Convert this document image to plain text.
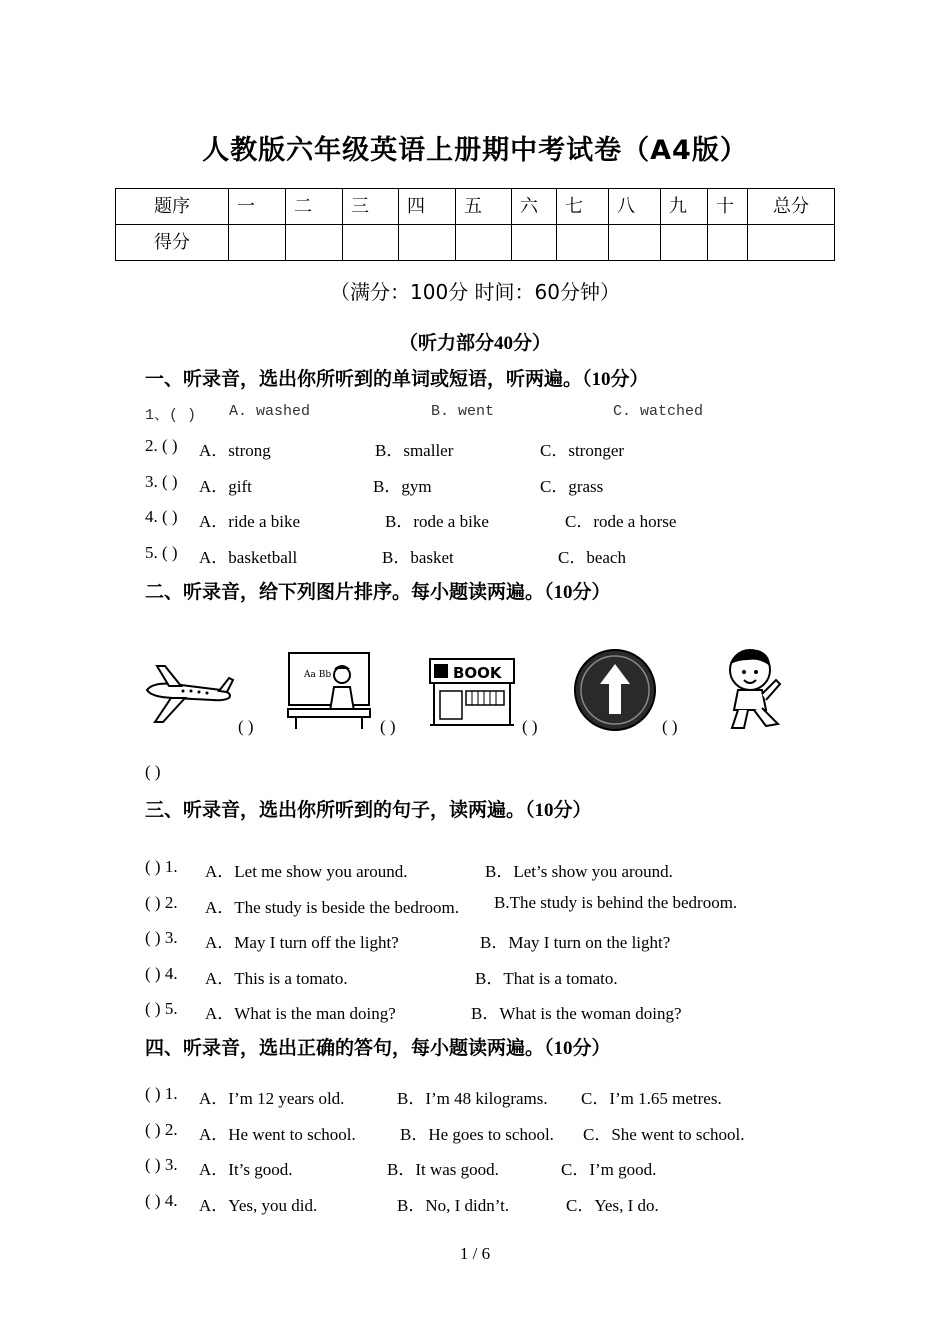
人教版六年级英语上册期中考试卷（A4版）
题序	一	二	三	四	五	六	七	八	九	十	总分
得分											
（满分：100分 时间：60分钟）
（听力部分40分）
一、听录音，选出你所听到的单词或短语，听两遍。（10分）
1、( ) A. washed	B. went	C. watched
2. ( ) A．strong	B．smaller	C．stronger
3. ( ) A．gift	B．gym	C．grass
4. ( ) A．ride a bike	B．rode a bike	C．rode a horse
5. ( ) A．basketball	B．basket	C．beach
二、听录音，给下列图片排序。每小题读两遍。（10分）
( )
Aa Bb
( )
BOOK
( )	( )
( )
三、听录音，选出你所听到的句子，读两遍。（10分）
( ) 1. A．Let me show you around.	B．Let’s show you around.
( ) 2. A．The study is beside the bedroom. B.The study is behind the bedroom.
( ) 3. A．May I turn off the light?	B．May I turn on the light?
( ) 4. A．This is a tomato.	B．That is a tomato.
( ) 5. A．What is the man doing?	B．What is the woman doing?
四、听录音，选出正确的答句，每小题读两遍。（10分）
( ) 1. A．I’m 12 years old.	B．I’m 48 kilograms. C．I’m 1.65 metres.
( ) 2. A．He went to school.	B．He goes to school. C．She went to school.
( ) 3. A．It’s good.	B．It was good.	C．I’m good.
( ) 4. A．Yes, you did.	B．No, I didn’t.	C．Yes, I do.
1 / 6
